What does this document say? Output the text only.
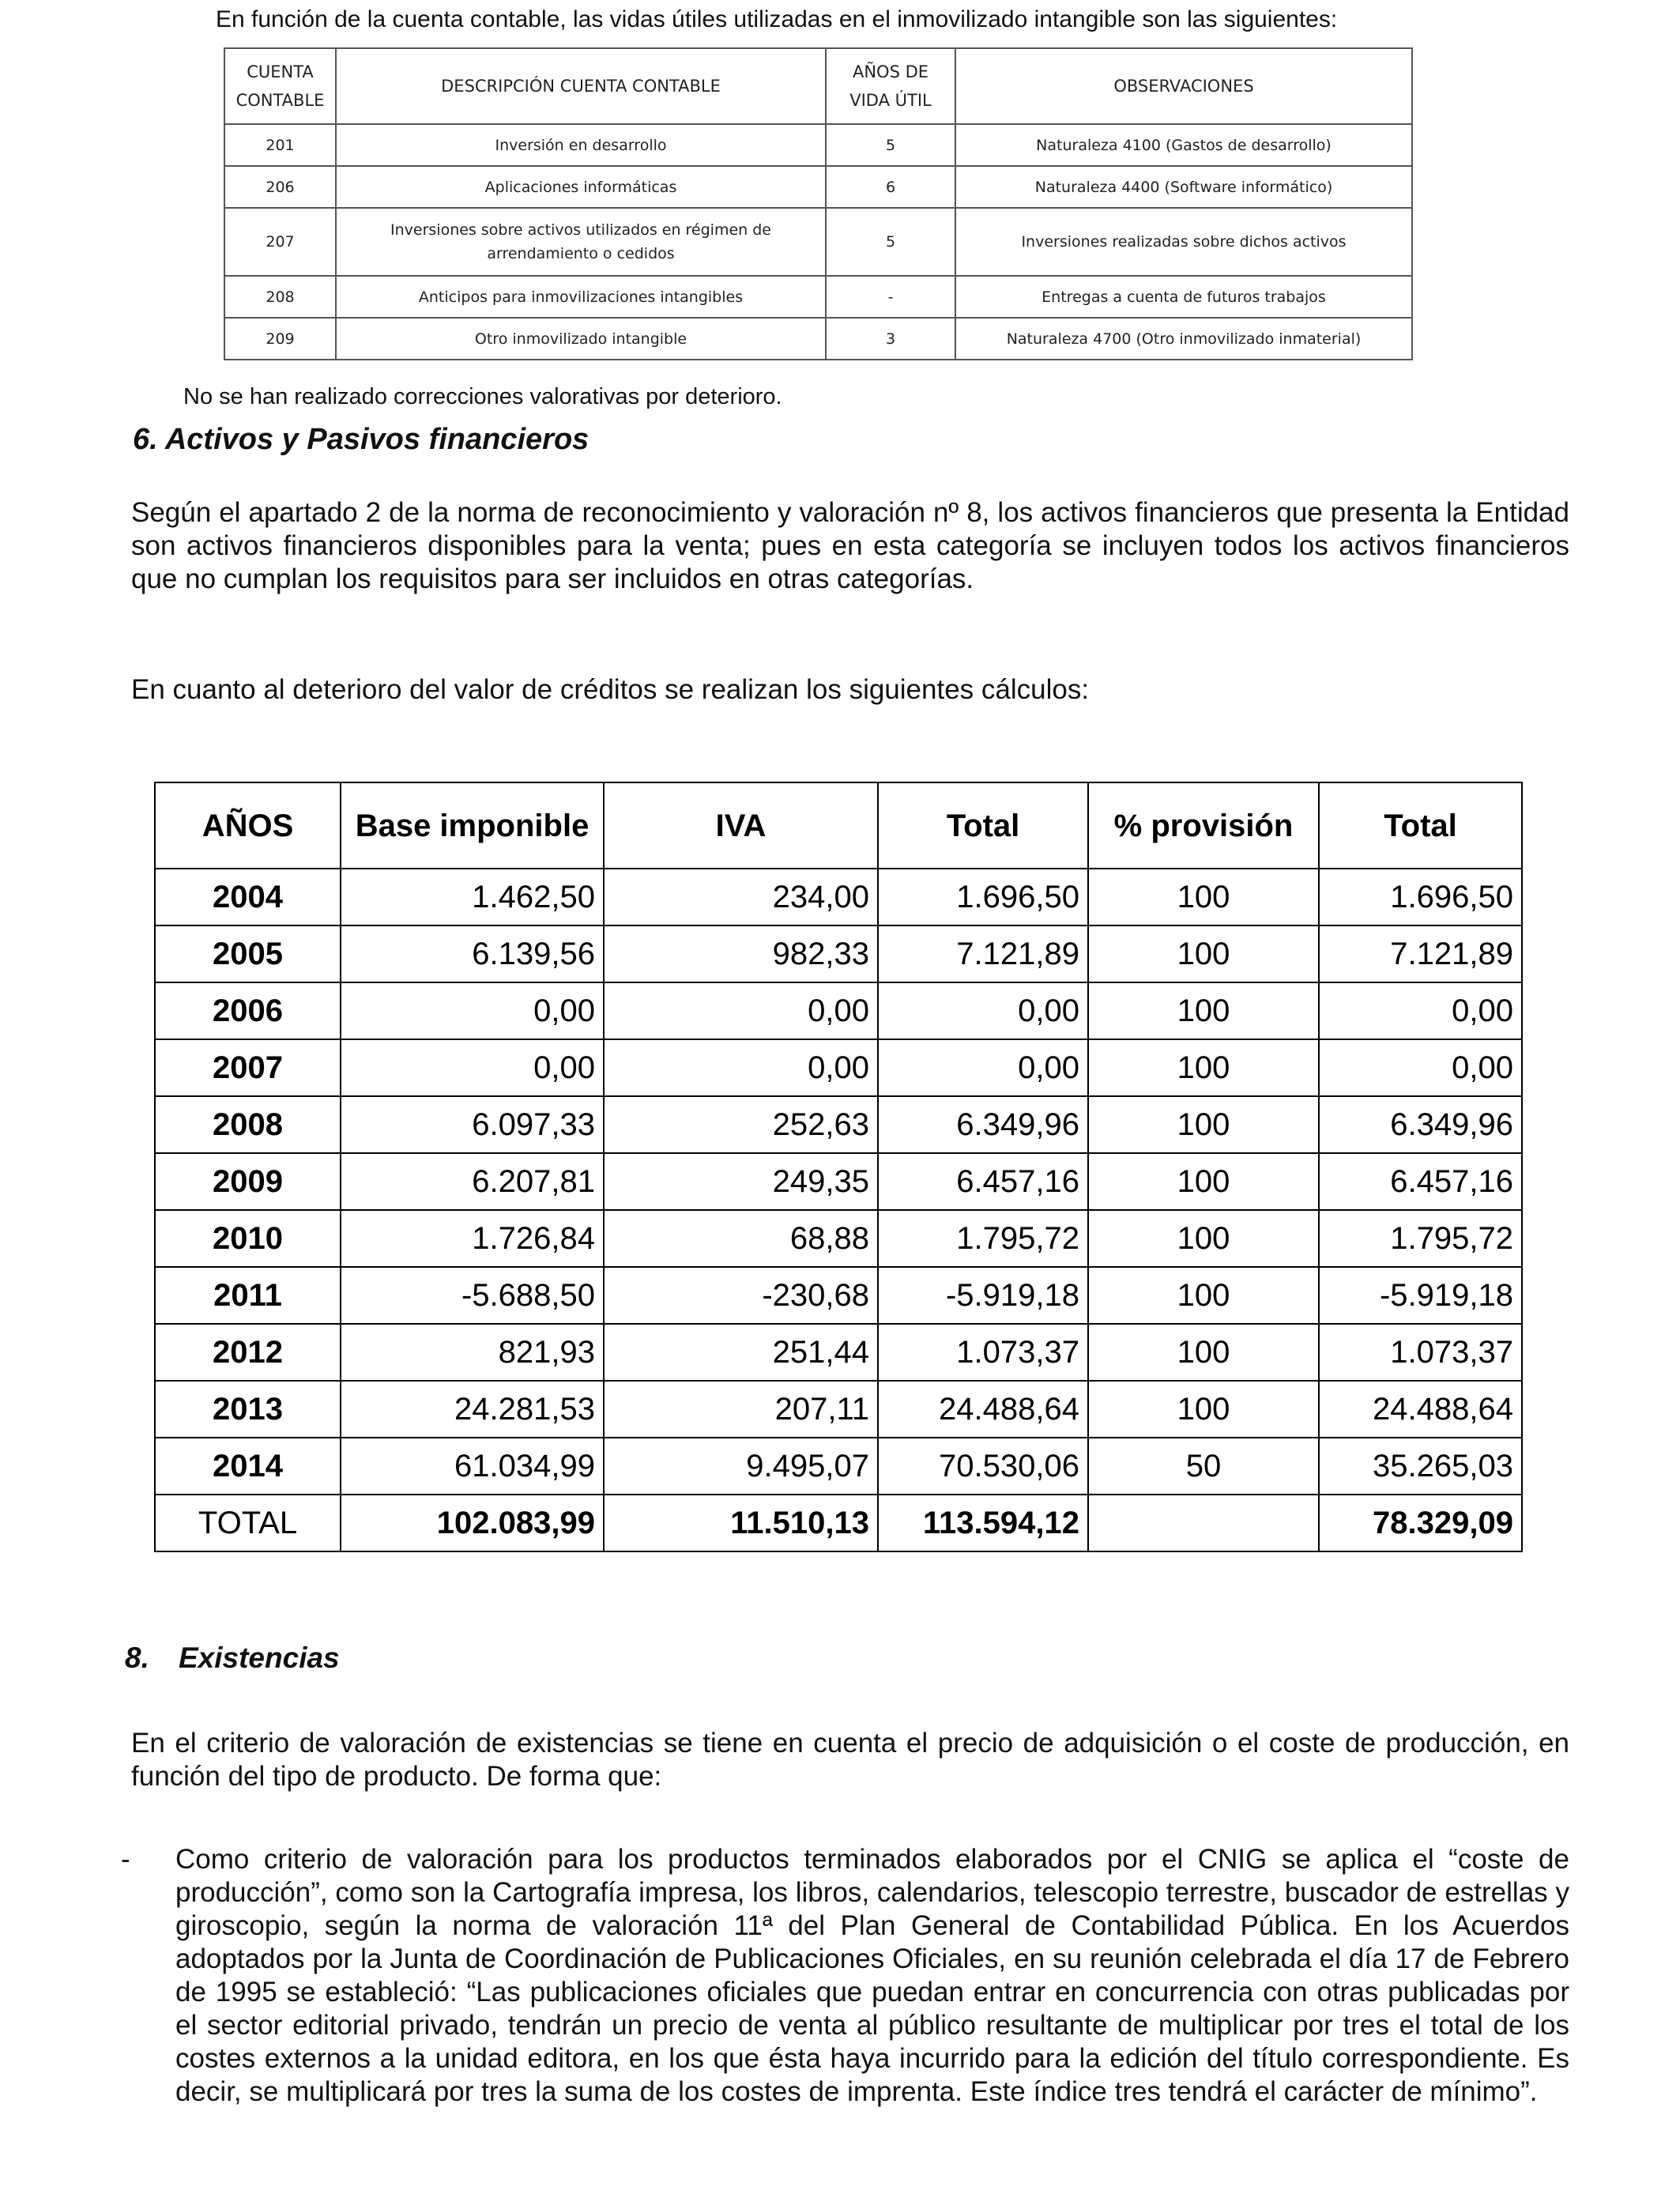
En función de la cuenta contable, las vidas útiles utilizadas en el inmovilizado intangible son las siguientes:
CUENTA CONTABLE	DESCRIPCIÓN CUENTA CONTABLE	AÑOS DE VIDA ÚTIL	OBSERVACIONES
201	Inversión en desarrollo	5	Naturaleza 4100 (Gastos de desarrollo)
206	Aplicaciones informáticas	6	Naturaleza 4400 (Software informático)
207	Inversiones sobre activos utilizados en régimen de arrendamiento o cedidos	5	Inversiones realizadas sobre dichos activos
208	Anticipos para inmovilizaciones intangibles	-	Entregas a cuenta de futuros trabajos
209	Otro inmovilizado intangible	3	Naturaleza 4700 (Otro inmovilizado inmaterial)
No se han realizado correcciones valorativas por deterioro.
6. Activos y Pasivos financieros
Según el apartado 2 de la norma de reconocimiento y valoración nº 8, los activos financieros que presenta la Entidad son activos financieros disponibles para la venta; pues en esta categoría se incluyen todos los activos financieros que no cumplan los requisitos para ser incluidos en otras categorías.
En cuanto al deterioro del valor de créditos se realizan los siguientes cálculos:
AÑOS	Base imponible	IVA	Total	% provisión	Total
2004	1.462,50	234,00	1.696,50	100	1.696,50
2005	6.139,56	982,33	7.121,89	100	7.121,89
2006	0,00	0,00	0,00	100	0,00
2007	0,00	0,00	0,00	100	0,00
2008	6.097,33	252,63	6.349,96	100	6.349,96
2009	6.207,81	249,35	6.457,16	100	6.457,16
2010	1.726,84	68,88	1.795,72	100	1.795,72
2011	-5.688,50	-230,68	-5.919,18	100	-5.919,18
2012	821,93	251,44	1.073,37	100	1.073,37
2013	24.281,53	207,11	24.488,64	100	24.488,64
2014	61.034,99	9.495,07	70.530,06	50	35.265,03
TOTAL	102.083,99	11.510,13	113.594,12		78.329,09
8. Existencias
En el criterio de valoración de existencias se tiene en cuenta el precio de adquisición o el coste de producción, en función del tipo de producto. De forma que:
- Como criterio de valoración para los productos terminados elaborados por el CNIG se aplica el “coste de producción”, como son la Cartografía impresa, los libros, calendarios, telescopio terrestre, buscador de estrellas y giroscopio, según la norma de valoración 11ª del Plan General de Contabilidad Pública. En los Acuerdos adoptados por la Junta de Coordinación de Publicaciones Oficiales, en su reunión celebrada el día 17 de Febrero de 1995 se estableció: “Las publicaciones oficiales que puedan entrar en concurrencia con otras publicadas por el sector editorial privado, tendrán un precio de venta al público resultante de multiplicar por tres el total de los costes externos a la unidad editora, en los que ésta haya incurrido para la edición del título correspondiente. Es decir, se multiplicará por tres la suma de los costes de imprenta. Este índice tres tendrá el carácter de mínimo”.
